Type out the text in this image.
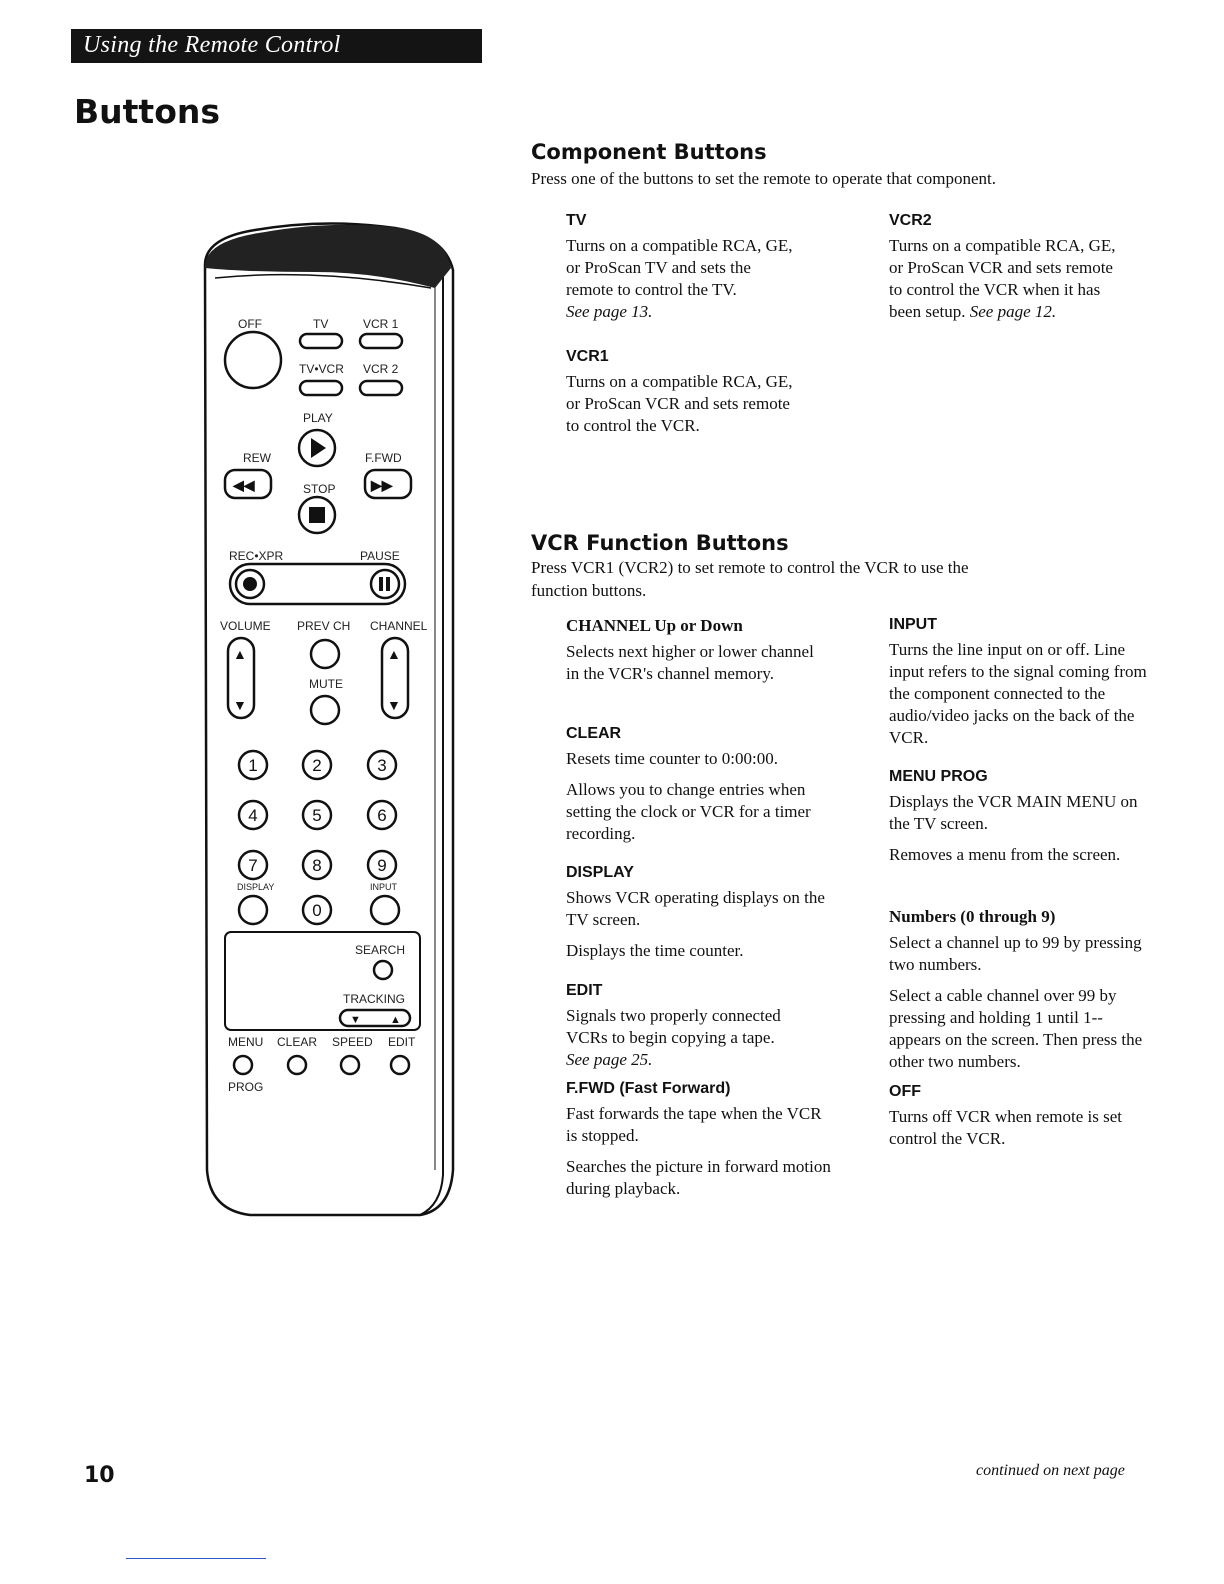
Using the Remote Control
Buttons
OFF	TV	VCR 1
TV•VCR VCR 2
PLAY
REW
◀◀
F.FWD
▶▶
STOP
REC•XPR	PAUSE
VOLUME PREV CH CHANNEL
▲
▼
▲
▼
MUTE
1	2	3
4	5	6
7	8	9
0
DISPLAY	INPUT
SEARCH
TRACKING
▼	▲
MENU CLEAR SPEED EDIT
PROG
Component Buttons

Press one of the buttons to set the remote to operate that component.

TV

Turns on a compatible RCA, GE,
or ProScan TV and sets the
remote to control the TV.
See page 13.

VCR1

Turns on a compatible RCA, GE,
or ProScan VCR and sets remote
to control the VCR.

VCR2

Turns on a compatible RCA, GE,
or ProScan VCR and sets remote
to control the VCR when it has
been setup. See page 12.

VCR Function Buttons

Press VCR1 (VCR2) to set remote to control the VCR to use the
function buttons.

CHANNEL Up or Down

Selects next higher or lower channel in the VCR's channel memory.

CLEAR

Resets time counter to 0:00:00.

Allows you to change entries when setting the clock or VCR for a timer recording.

DISPLAY

Shows VCR operating displays on the TV screen.

Displays the time counter.

EDIT

Signals two properly connected VCRs to begin copying a tape.
See page 25.

F.FWD (Fast Forward)

Fast forwards the tape when the VCR is stopped.

Searches the picture in forward motion during playback.

INPUT

Turns the line input on or off. Line input refers to the signal coming from the component connected to the audio/video jacks on the back of the VCR.

MENU PROG

Displays the VCR MAIN MENU on the TV screen.

Removes a menu from the screen.

Numbers (0 through 9)

Select a channel up to 99 by pressing two numbers.

Select a cable channel over 99 by pressing and holding 1 until 1-- appears on the screen. Then press the other two numbers.

OFF

Turns off VCR when remote is set control the VCR.

10	continued on next page
